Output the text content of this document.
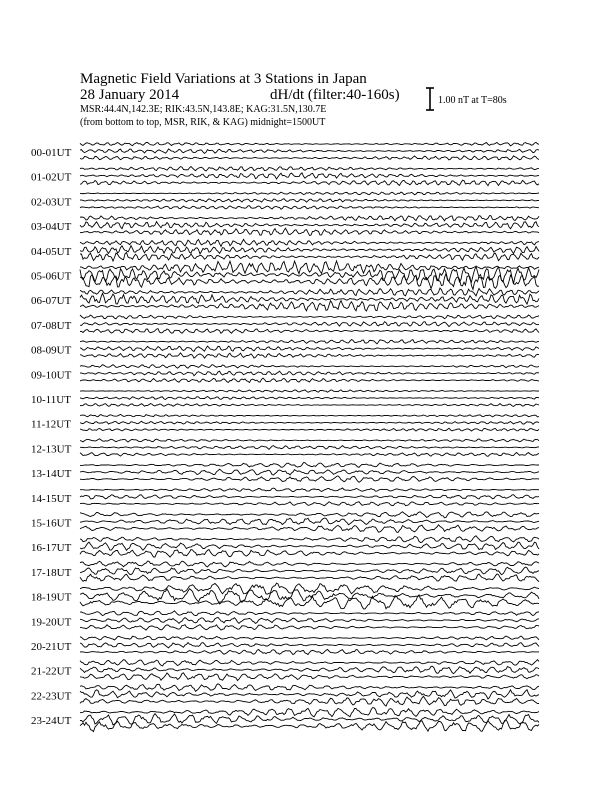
Magnetic Field Variations at 3 Stations in Japan
28 January 2014	dH/dt (filter:40-160s)
MSR:44.4N,142.3E; RIK:43.5N,143.8E; KAG:31.5N,130.7E
(from bottom to top, MSR, RIK, & KAG) midnight=1500UT
1.00 nT at T=80s
00-01UT
01-02UT
02-03UT
03-04UT
04-05UT
05-06UT
06-07UT
07-08UT
08-09UT
09-10UT
10-11UT
11-12UT
12-13UT
13-14UT
14-15UT
15-16UT
16-17UT
17-18UT
18-19UT
19-20UT
20-21UT
21-22UT
22-23UT
23-24UT
